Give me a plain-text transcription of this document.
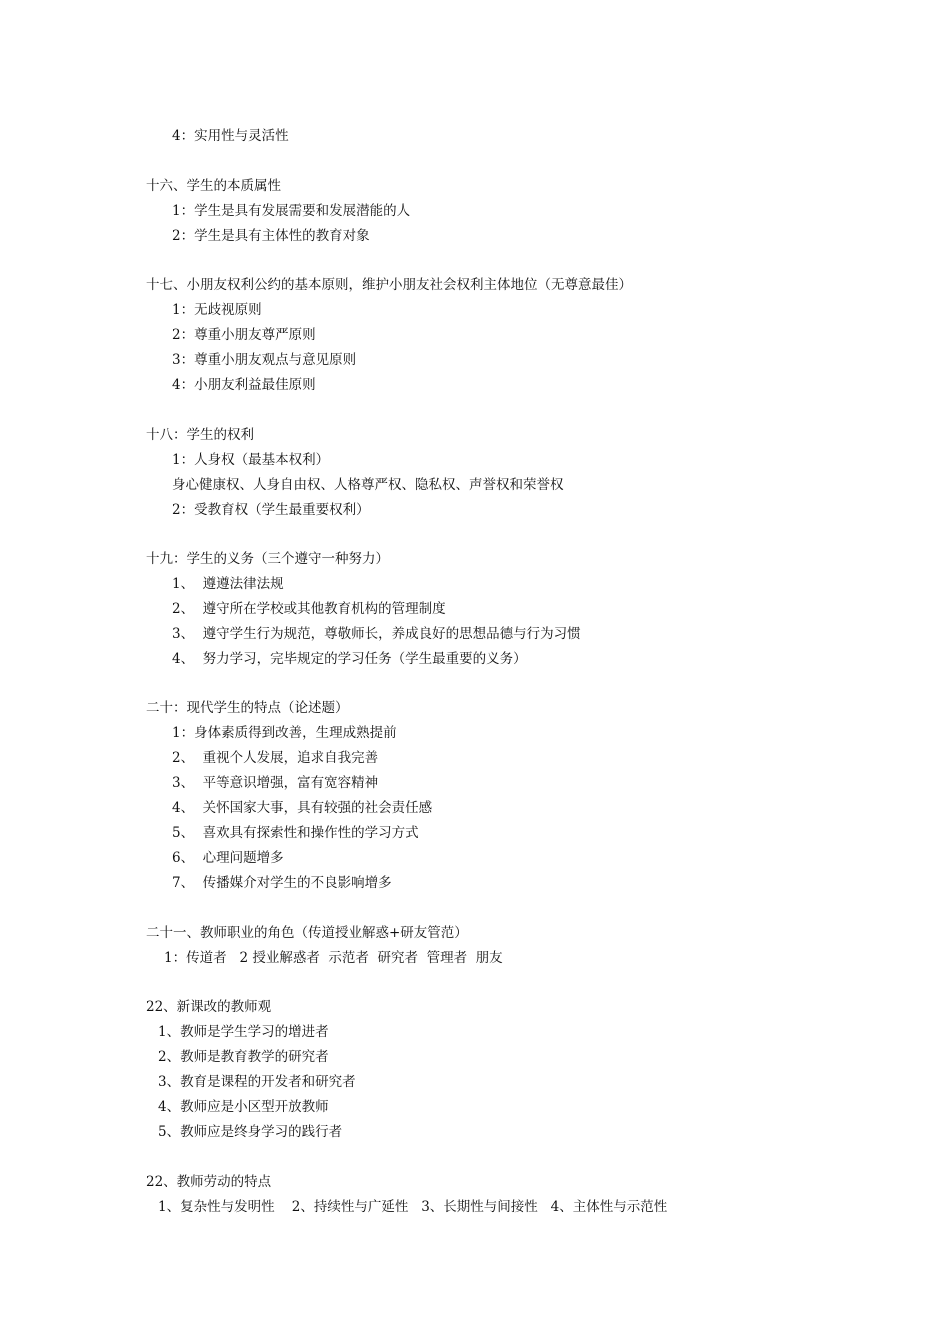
4：实用性与灵活性
十六、学生的本质属性
1：学生是具有发展需要和发展潜能的人
2：学生是具有主体性的教育对象
十七、小朋友权利公约的基本原则，维护小朋友社会权利主体地位（无尊意最佳）
1：无歧视原则
2：尊重小朋友尊严原则
3：尊重小朋友观点与意见原则
4：小朋友利益最佳原则
十八：学生的权利
1：人身权（最基本权利）
身心健康权、人身自由权、人格尊严权、隐私权、声誉权和荣誉权
2：受教育权（学生最重要权利）
十九：学生的义务（三个遵守一种努力）
1、  遵遵法律法规
2、  遵守所在学校或其他教育机构的管理制度
3、  遵守学生行为规范，尊敬师长，养成良好的思想品德与行为习惯
4、  努力学习，完毕规定的学习任务（学生最重要的义务）
二十：现代学生的特点（论述题）
1：身体素质得到改善，生理成熟提前
2、  重视个人发展，追求自我完善
3、  平等意识增强，富有宽容精神
4、  关怀国家大事，具有较强的社会责任感
5、  喜欢具有探索性和操作性的学习方式
6、  心理问题增多
7、  传播媒介对学生的不良影响增多
二十一、教师职业的角色（传道授业解惑+研友管范）
1：传道者   2 授业解惑者  示范者  研究者  管理者  朋友
22、新课改的教师观
1、教师是学生学习的增进者
2、教师是教育教学的研究者
3、教育是课程的开发者和研究者
4、教师应是小区型开放教师
5、教师应是终身学习的践行者
22、教师劳动的特点
1、复杂性与发明性    2、持续性与广延性   3、长期性与间接性   4、主体性与示范性
